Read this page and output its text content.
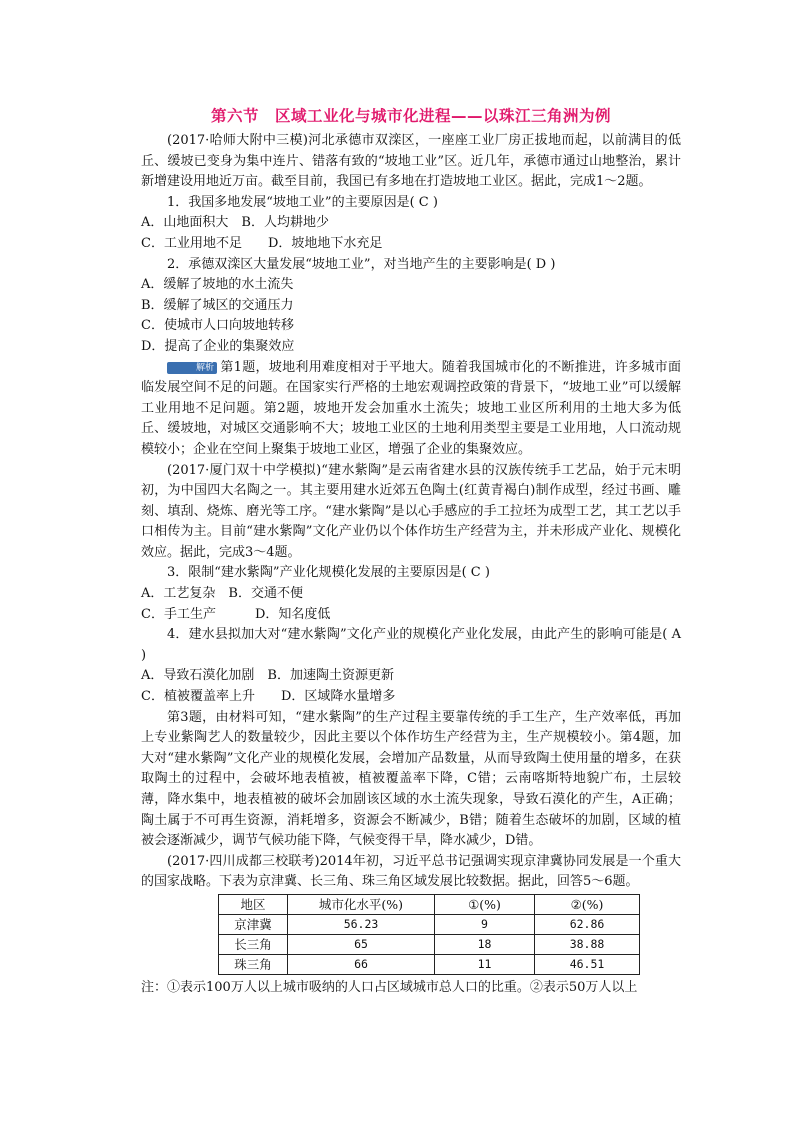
第六节　区域工业化与城市化进程——以珠江三角洲为例

(2017·哈师大附中三模)河北承德市双滦区，一座座工业厂房正拔地而起，以前满目的低丘、缓坡已变身为集中连片、错落有致的“坡地工业”区。近几年，承德市通过山地整治，累计新增建设用地近万亩。截至目前，我国已有多地在打造坡地工业区。据此，完成1～2题。

1．我国多地发展“坡地工业”的主要原因是( C )

A．山地面积大　B．人均耕地少

C．工业用地不足　　D．坡地地下水充足

2．承德双滦区大量发展“坡地工业”，对当地产生的主要影响是( D )

A．缓解了坡地的水土流失

B．缓解了城区的交通压力

C．使城市人口向坡地转移

D．提高了企业的集聚效应

解析 第1题，坡地利用难度相对于平地大。随着我国城市化的不断推进，许多城市面临发展空间不足的问题。在国家实行严格的土地宏观调控政策的背景下，“坡地工业”可以缓解工业用地不足问题。第2题，坡地开发会加重水土流失；坡地工业区所利用的土地大多为低丘、缓坡地，对城区交通影响不大；坡地工业区的土地利用类型主要是工业用地，人口流动规模较小；企业在空间上聚集于坡地工业区，增强了企业的集聚效应。

(2017·厦门双十中学模拟)“建水紫陶”是云南省建水县的汉族传统手工艺品，始于元末明初，为中国四大名陶之一。其主要用建水近郊五色陶土(红黄青褐白)制作成型，经过书画、雕刻、填刮、烧炼、磨光等工序。“建水紫陶”是以心手感应的手工拉坯为成型工艺，其工艺以手口相传为主。目前“建水紫陶”文化产业仍以个体作坊生产经营为主，并未形成产业化、规模化效应。据此，完成3～4题。

3．限制“建水紫陶”产业化规模化发展的主要原因是( C )

A．工艺复杂　B．交通不便

C．手工生产　　　D．知名度低

4．建水县拟加大对“建水紫陶”文化产业的规模化产业化发展，由此产生的影响可能是( A )

A．导致石漠化加剧　B．加速陶土资源更新

C．植被覆盖率上升　　D．区域降水量增多

第3题，由材料可知，“建水紫陶”的生产过程主要靠传统的手工生产，生产效率低，再加上专业紫陶艺人的数量较少，因此主要以个体作坊生产经营为主，生产规模较小。第4题，加大对“建水紫陶”文化产业的规模化发展，会增加产品数量，从而导致陶土使用量的增多，在获取陶土的过程中，会破坏地表植被，植被覆盖率下降，C错；云南喀斯特地貌广布，土层较薄，降水集中，地表植被的破坏会加剧该区域的水土流失现象，导致石漠化的产生，A正确；陶土属于不可再生资源，消耗增多，资源会不断减少，B错；随着生态破坏的加剧，区域的植被会逐渐减少，调节气候功能下降，气候变得干旱，降水减少，D错。

(2017·四川成都三校联考)2014年初，习近平总书记强调实现京津冀协同发展是一个重大的国家战略。下表为京津冀、长三角、珠三角区域发展比较数据。据此，回答5～6题。

地区	城市化水平(%)	①(%)	②(%)
京津冀	56.23	9	62.86
长三角	65	18	38.88
珠三角	66	11	46.51

注：①表示100万人以上城市吸纳的人口占区域城市总人口的比重。②表示50万人以上
